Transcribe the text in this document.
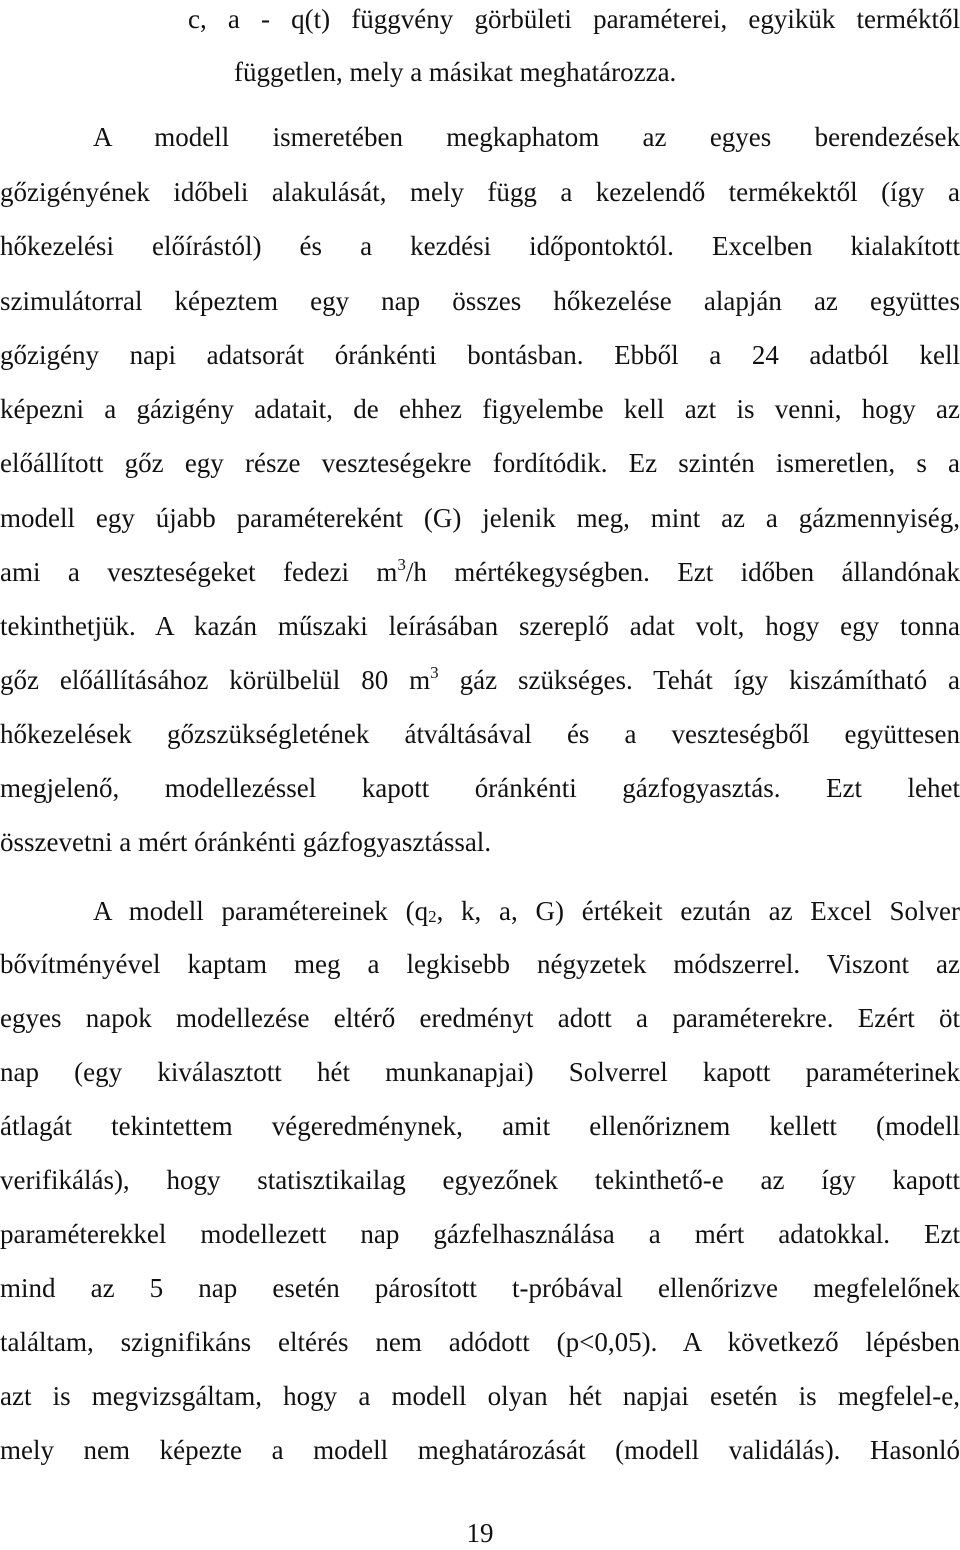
c, a - q(t) függvény görbületi paraméterei, egyikük terméktől
független, mely a másikat meghatározza.
A modell ismeretében megkaphatom az egyes berendezések
gőzigényének időbeli alakulását, mely függ a kezelendő termékektől (így a
hőkezelési előírástól) és a kezdési időpontoktól. Excelben kialakított
szimulátorral képeztem egy nap összes hőkezelése alapján az együttes
gőzigény napi adatsorát óránkénti bontásban. Ebből a 24 adatból kell
képezni a gázigény adatait, de ehhez figyelembe kell azt is venni, hogy az
előállított gőz egy része veszteségekre fordítódik. Ez szintén ismeretlen, s a
modell egy újabb paramétereként (G) jelenik meg, mint az a gázmennyiség,
ami a veszteségeket fedezi $m^3/h$ mértékegységben. Ezt időben állandónak
tekinthetjük. A kazán műszaki leírásában szereplő adat volt, hogy egy tonna
gőz előállításához körülbelül 80 $m^3$ gáz szükséges. Tehát így kiszámítható a
hőkezelések gőzszükségletének átváltásával és a veszteségből együttesen
megjelenő, modellezéssel kapott óránkénti gázfogyasztás. Ezt lehet
összevetni a mért óránkénti gázfogyasztással.
A modell paramétereinek ($q_2$, k, a, G) értékeit ezután az Excel Solver
bővítményével kaptam meg a legkisebb négyzetek módszerrel. Viszont az
egyes napok modellezése eltérő eredményt adott a paraméterekre. Ezért öt
nap (egy kiválasztott hét munkanapjai) Solverrel kapott paraméterinek
átlagát tekintettem végeredménynek, amit ellenőriznem kellett (modell
verifikálás), hogy statisztikailag egyezőnek tekinthető-e az így kapott
paraméterekkel modellezett nap gázfelhasználása a mért adatokkal. Ezt
mind az 5 nap esetén párosított t-próbával ellenőrizve megfelelőnek
találtam, szignifikáns eltérés nem adódott (p<0,05). A következő lépésben
azt is megvizsgáltam, hogy a modell olyan hét napjai esetén is megfelel-e,
mely nem képezte a modell meghatározását (modell validálás). Hasonló
19
